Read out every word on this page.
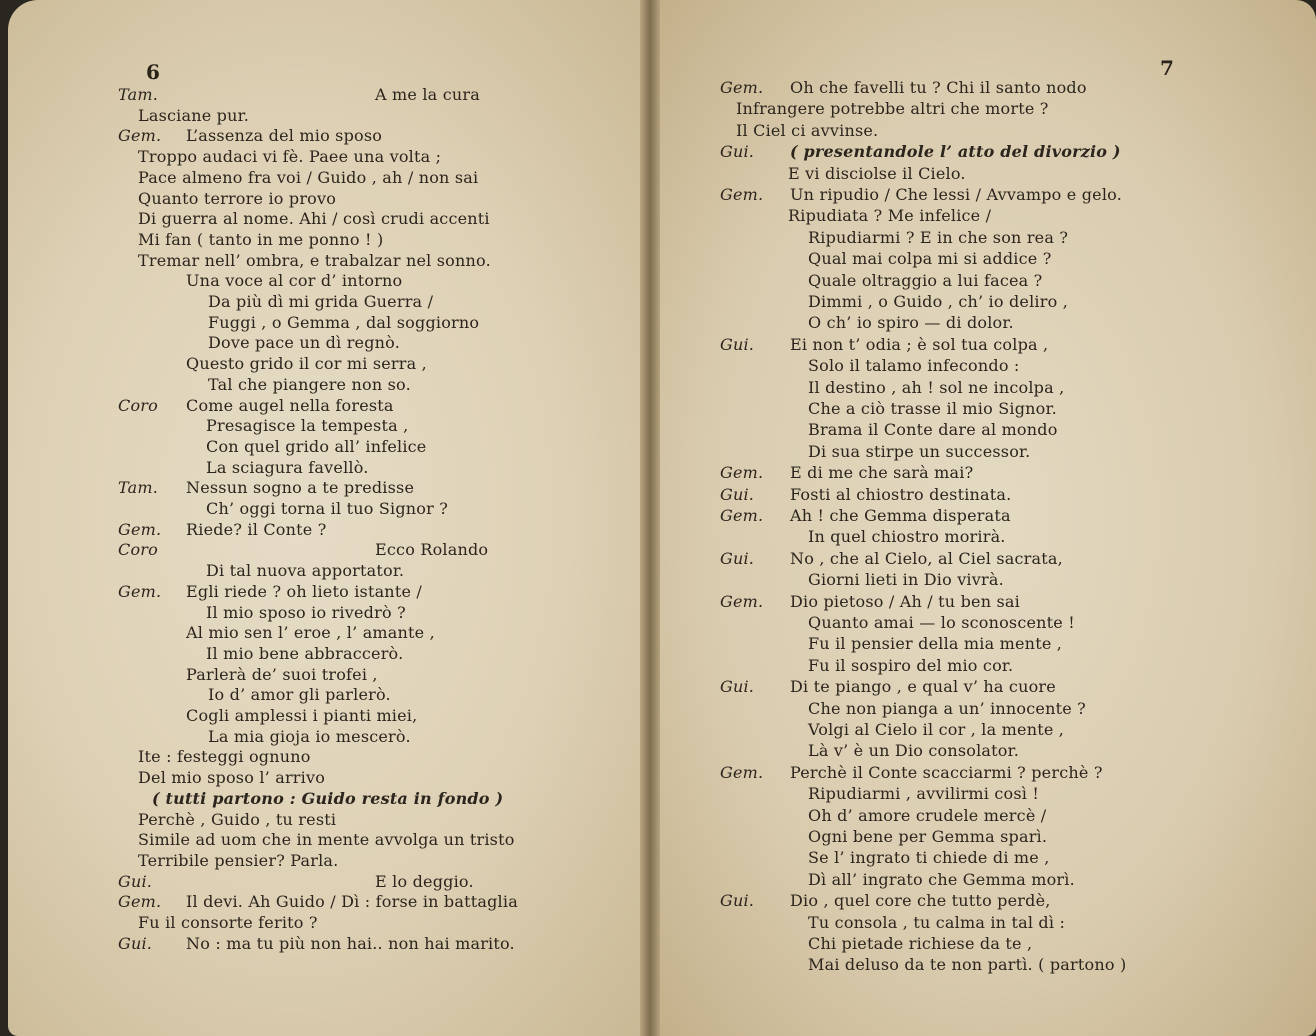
6	7
Tam.	A me la cura
Lasciane pur.
Gem. L’assenza del mio sposo
Troppo audaci vi fè. Paee una volta ;
Pace almeno fra voi / Guido , ah / non sai
Quanto terrore io provo
Di guerra al nome. Ahi / così crudi accenti
Mi fan ( tanto in me ponno ! )
Tremar nell’ ombra, e trabalzar nel sonno.
Una voce al cor d’ intorno
Da più dì mi grida Guerra /
Fuggi , o Gemma , dal soggiorno
Dove pace un dì regnò.
Questo grido il cor mi serra ,
Tal che piangere non so.
Coro Come augel nella foresta
Presagisce la tempesta ,
Con quel grido all’ infelice
La sciagura favellò.
Tam. Nessun sogno a te predisse
Ch’ oggi torna il tuo Signor ?
Gem. Riede? il Conte ?
Coro	Ecco Rolando
Di tal nuova apportator.
Gem. Egli riede ? oh lieto istante /
Il mio sposo io rivedrò ?
Al mio sen l’ eroe , l’ amante ,
Il mio bene abbraccerò.
Parlerà de’ suoi trofei ,
Io d’ amor gli parlerò.
Cogli amplessi i pianti miei,
La mia gioja io mescerò.
Ite : festeggi ognuno
Del mio sposo l’ arrivo
( tutti partono : Guido resta in fondo )
Perchè , Guido , tu resti
Simile ad uom che in mente avvolga un tristo
Terribile pensier? Parla.
Gui.	E lo deggio.
Gem. Il devi. Ah Guido / Dì : forse in battaglia
Fu il consorte ferito ?
Gui. No : ma tu più non hai.. non hai marito.
Gem. Oh che favelli tu ? Chi il santo nodo
Infrangere potrebbe altri che morte ?
Il Ciel ci avvinse.
Gui. ( presentandole l’ atto del divorzio )
E vi disciolse il Cielo.
Gem. Un ripudio / Che lessi / Avvampo e gelo.
Ripudiata ? Me infelice /
Ripudiarmi ? E in che son rea ?
Qual mai colpa mi si addice ?
Quale oltraggio a lui facea ?
Dimmi , o Guido , ch’ io deliro ,
O ch’ io spiro — di dolor.
Gui. Ei non t’ odia ; è sol tua colpa ,
Solo il talamo infecondo :
Il destino , ah ! sol ne incolpa ,
Che a ciò trasse il mio Signor.
Brama il Conte dare al mondo
Di sua stirpe un successor.
Gem. E di me che sarà mai?
Gui. Fosti al chiostro destinata.
Gem. Ah ! che Gemma disperata
In quel chiostro morirà.
Gui. No , che al Cielo, al Ciel sacrata,
Giorni lieti in Dio vivrà.
Gem. Dio pietoso / Ah / tu ben sai
Quanto amai — lo sconoscente !
Fu il pensier della mia mente ,
Fu il sospiro del mio cor.
Gui. Di te piango , e qual v’ ha cuore
Che non pianga a un’ innocente ?
Volgi al Cielo il cor , la mente ,
Là v’ è un Dio consolator.
Gem. Perchè il Conte scacciarmi ? perchè ?
Ripudiarmi , avvilirmi così !
Oh d’ amore crudele mercè /
Ogni bene per Gemma sparì.
Se l’ ingrato ti chiede di me ,
Dì all’ ingrato che Gemma morì.
Gui. Dio , quel core che tutto perdè,
Tu consola , tu calma in tal dì :
Chi pietade richiese da te ,
Mai deluso da te non partì. ( partono )
